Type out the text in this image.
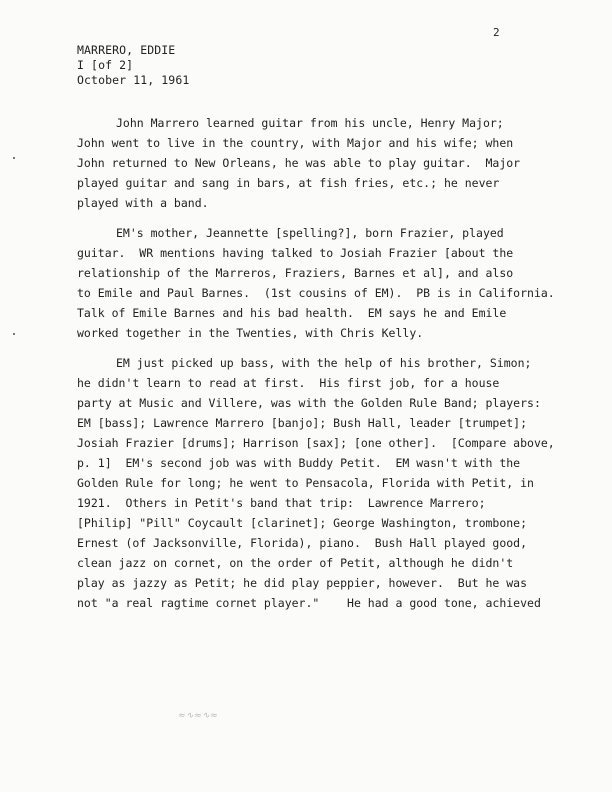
2
MARRERO, EDDIE
I [of 2]
October 11, 1961
John Marrero learned guitar from his uncle, Henry Major;
John went to live in the country, with Major and his wife; when
John returned to New Orleans, he was able to play guitar.  Major
played guitar and sang in bars, at fish fries, etc.; he never
played with a band.
EM's mother, Jeannette [spelling?], born Frazier, played
guitar.  WR mentions having talked to Josiah Frazier [about the
relationship of the Marreros, Fraziers, Barnes et al], and also
to Emile and Paul Barnes.  (1st cousins of EM).  PB is in California.
Talk of Emile Barnes and his bad health.  EM says he and Emile
worked together in the Twenties, with Chris Kelly.
EM just picked up bass, with the help of his brother, Simon;
he didn't learn to read at first.  His first job, for a house
party at Music and Villere, was with the Golden Rule Band; players:
EM [bass]; Lawrence Marrero [banjo]; Bush Hall, leader [trumpet];
Josiah Frazier [drums]; Harrison [sax]; [one other].  [Compare above,
p. 1]  EM's second job was with Buddy Petit.  EM wasn't with the
Golden Rule for long; he went to Pensacola, Florida with Petit, in
1921.  Others in Petit's band that trip:  Lawrence Marrero;
[Philip] "Pill" Coycault [clarinet]; George Washington, trombone;
Ernest (of Jacksonville, Florida), piano.  Bush Hall played good,
clean jazz on cornet, on the order of Petit, although he didn't
play as jazzy as Petit; he did play peppier, however.  But he was
not "a real ragtime cornet player."    He had a good tone, achieved
≈∿≈∿≈
